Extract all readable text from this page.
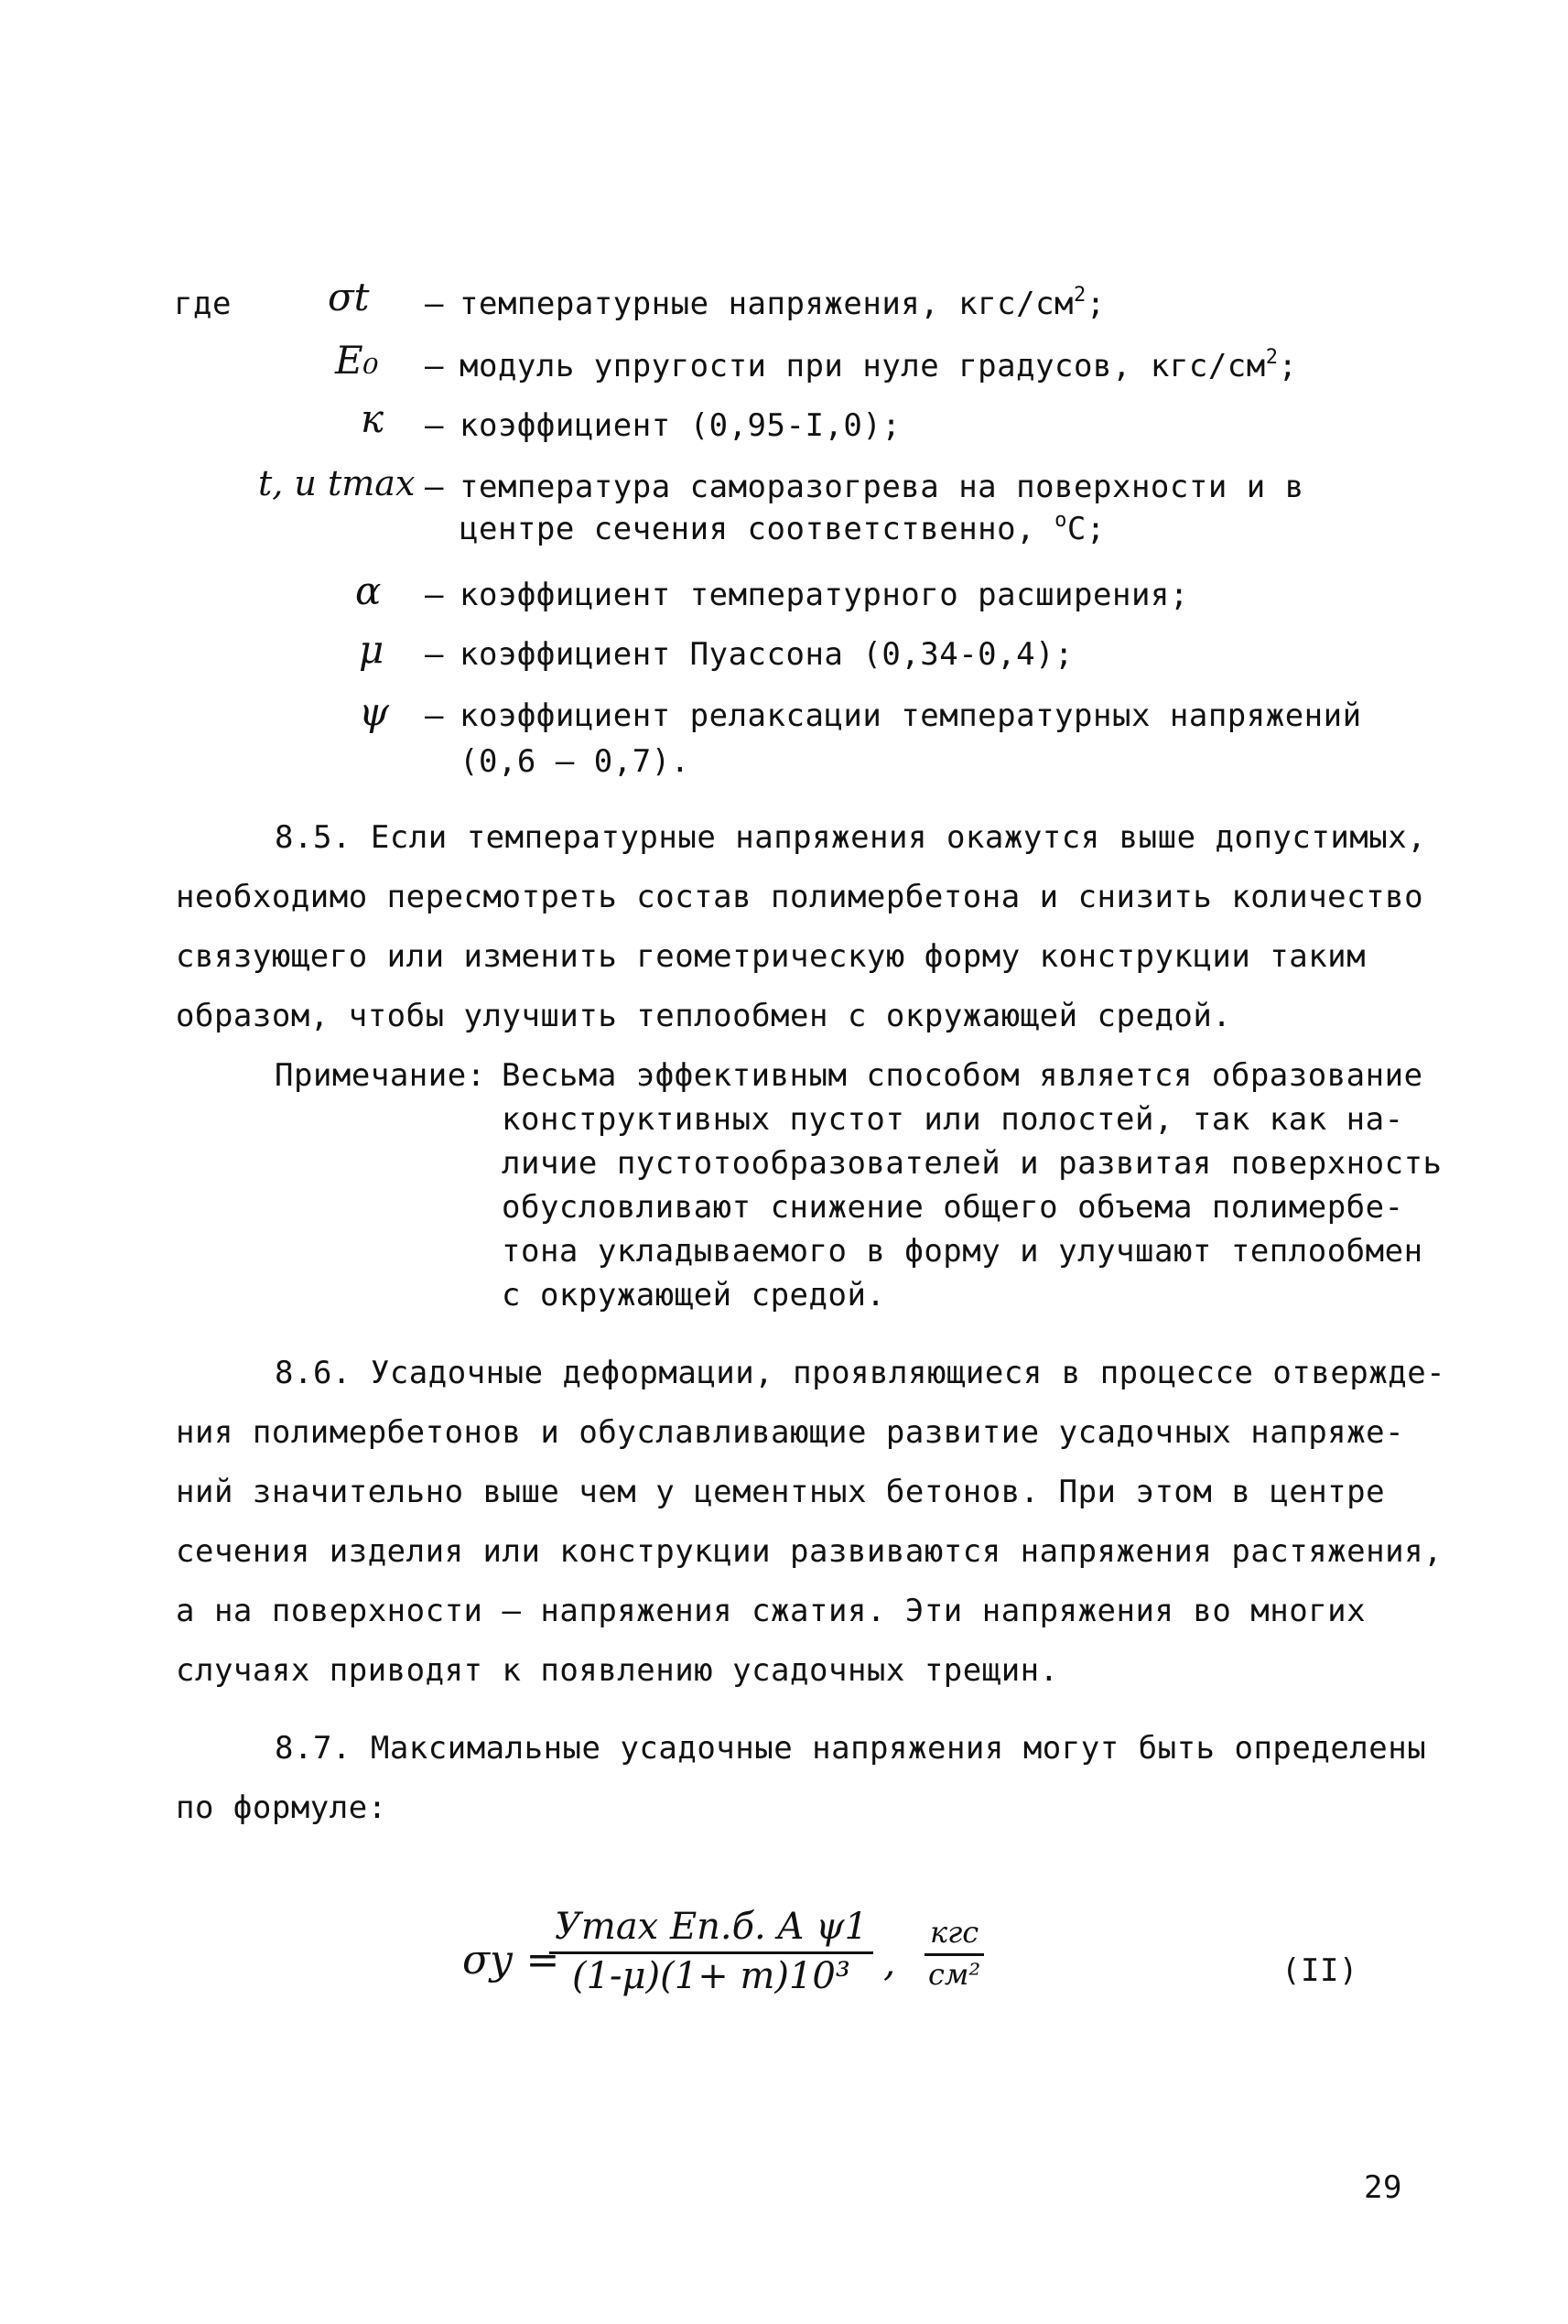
где	σt – температурные напряжения, кгс/$см^2$;
E₀ – модуль упругости при нуле градусов, кгс/$см^2$;
к – коэффициент (0,95-I,0);
t, и tmax – температура саморазогрева на поверхности и в
центре сечения соответственно, $^o$С;
α – коэффициент температурного расширения;
μ – коэффициент Пуассона (0,34-0,4);
ψ – коэффициент релаксации температурных напряжений
(0,6 – 0,7).
8.5. Если температурные напряжения окажутся выше допустимых,
необходимо пересмотреть состав полимербетона и снизить количество
связующего или изменить геометрическую форму конструкции таким
образом, чтобы улучшить теплообмен с окружающей средой.
Примечание: Весьма эффективным способом является образование
конструктивных пустот или полостей, так как на-
личие пустотообразователей и развитая поверхность
обусловливают снижение общего объема полимербе-
тона укладываемого в форму и улучшают теплообмен
с окружающей средой.
8.6. Усадочные деформации, проявляющиеся в процессе отвержде-
ния полимербетонов и обуславливающие развитие усадочных напряже-
ний значительно выше чем у цементных бетонов. При этом в центре
сечения изделия или конструкции развиваются напряжения растяжения,
а на поверхности – напряжения сжатия. Эти напряжения во многих
случаях приводят к появлению усадочных трещин.
8.7. Максимальные усадочные напряжения могут быть определены
по формуле:
σу =
Уmax Eп.б. A ψ1
(1-μ)(1+ m)10³ ,
кгс
см²	(II)
29
